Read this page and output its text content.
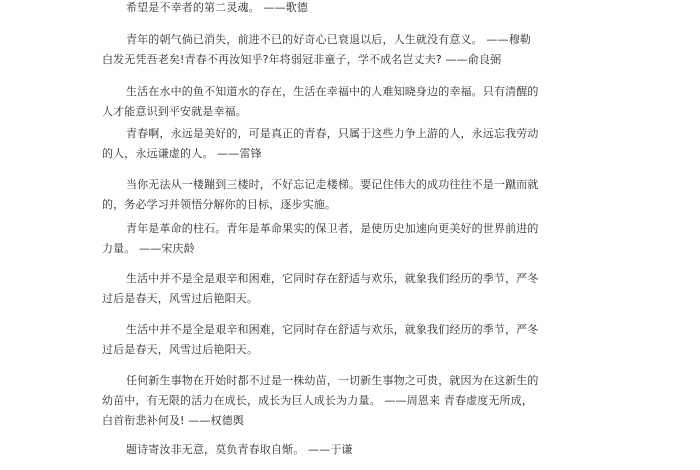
希望是不幸者的第二灵魂。 ——歌德
青年的朝气倘已消失，前进不已的好奇心已衰退以后，人生就没有意义。 ——穆勒
白发无凭吾老矣!青春不再汝知乎?年将弱冠非童子，学不成名岂丈夫? ——俞良弼
生活在水中的鱼不知道水的存在，生活在幸福中的人难知晓身边的幸福。只有清醒的
人才能意识到平安就是幸福。
青春啊，永远是美好的，可是真正的青春，只属于这些力争上游的人，永远忘我劳动
的人，永远谦虚的人。 ——雷锋
当你无法从一楼蹦到三楼时，不好忘记走楼梯。要记住伟大的成功往往不是一蹴而就
的，务必学习并领悟分解你的目标，逐步实施。
青年是革命的柱石。青年是革命果实的保卫者，是使历史加速向更美好的世界前进的
力量。 ——宋庆龄
生活中并不是全是艰辛和困难，它同时存在舒适与欢乐，就象我们经历的季节，严冬
过后是春天，风雪过后艳阳天。
生活中并不是全是艰辛和困难，它同时存在舒适与欢乐，就象我们经历的季节，严冬
过后是春天，风雪过后艳阳天。
任何新生事物在开始时都不过是一株幼苗，一切新生事物之可贵，就因为在这新生的
幼苗中，有无限的活力在成长，成长为巨人成长为力量。 ——周恩来 青春虚度无所成，
白首衔悲补何及! ——权德舆
题诗寄汝非无意，莫负青春取自惭。 ——于谦
